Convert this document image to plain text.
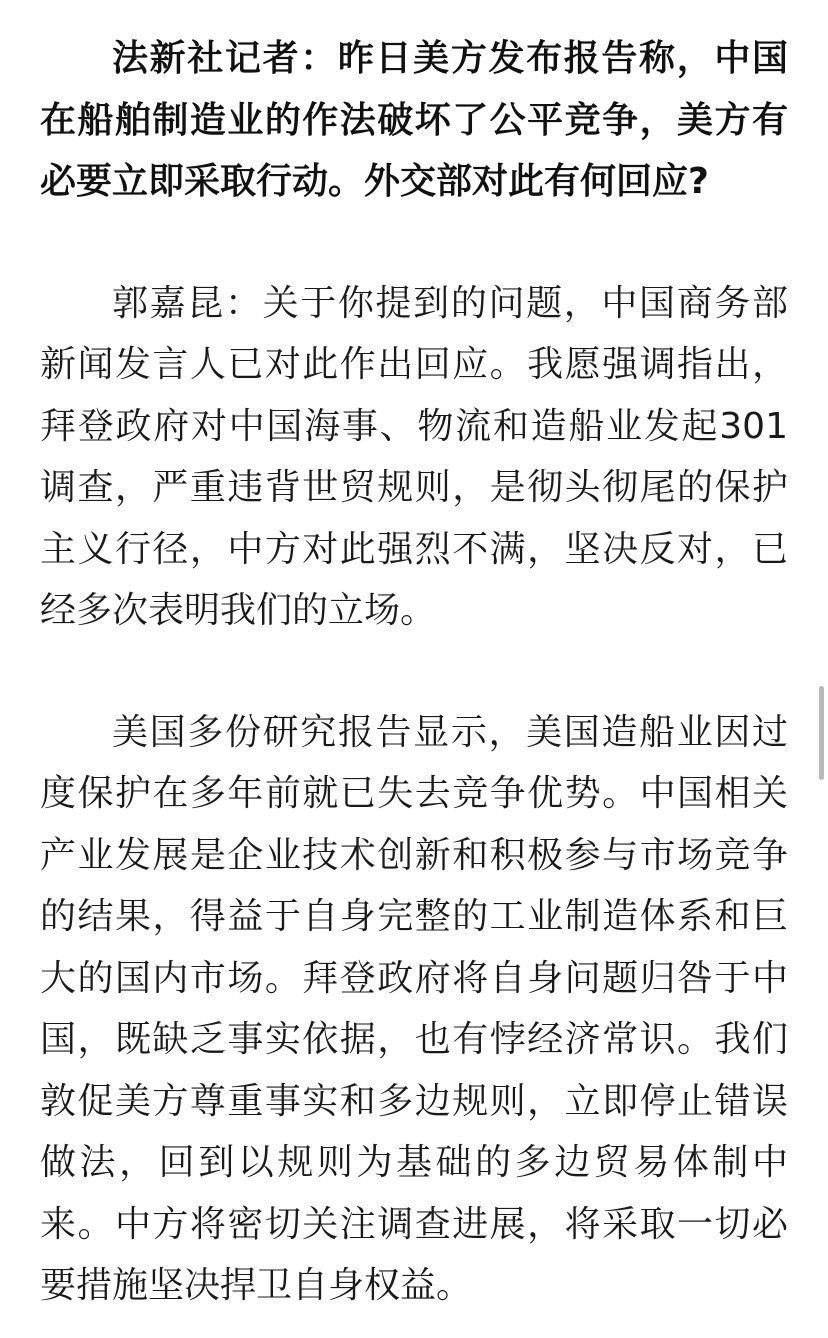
法新社记者：昨日美方发布报告称，中国在船舶制造业的作法破坏了公平竞争，美方有必要立即采取行动。外交部对此有何回应?

郭嘉昆：关于你提到的问题，中国商务部新闻发言人已对此作出回应。我愿强调指出，拜登政府对中国海事、物流和造船业发起301调查，严重违背世贸规则，是彻头彻尾的保护主义行径，中方对此强烈不满，坚决反对，已经多次表明我们的立场。

美国多份研究报告显示，美国造船业因过度保护在多年前就已失去竞争优势。中国相关产业发展是企业技术创新和积极参与市场竞争的结果，得益于自身完整的工业制造体系和巨大的国内市场。拜登政府将自身问题归咎于中国，既缺乏事实依据，也有悖经济常识。我们敦促美方尊重事实和多边规则，立即停止错误做法，回到以规则为基础的多边贸易体制中来。中方将密切关注调查进展，将采取一切必要措施坚决捍卫自身权益。
